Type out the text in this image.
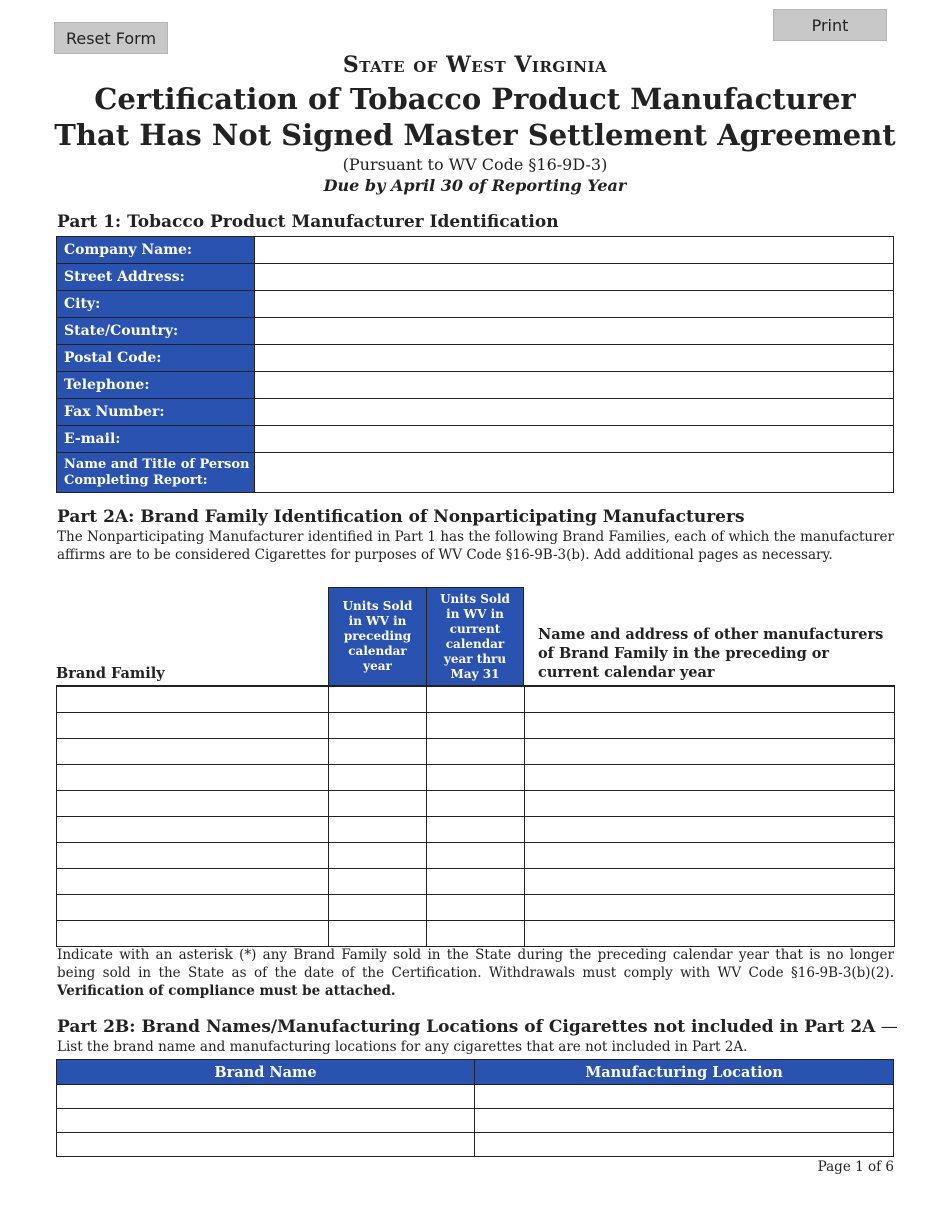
Reset Form
Print
State of West Virginia
Certification of Tobacco Product Manufacturer
That Has Not Signed Master Settlement Agreement
(Pursuant to WV Code §16-9D-3)
Due by April 30 of Reporting Year
Part 1: Tobacco Product Manufacturer Identification
Company Name:
Street Address:
City:
State/Country:
Postal Code:
Telephone:
Fax Number:
E-mail:
Name and Title of Person Completing Report:
Part 2A: Brand Family Identification of Nonparticipating Manufacturers
The Nonparticipating Manufacturer identified in Part 1 has the following Brand Families, each of which the manufacturer affirms are to be considered Cigarettes for purposes of WV Code §16-9B-3(b). Add additional pages as necessary.
Brand Family
Units Sold in WV in preceding calendar year
Units Sold in WV in current calendar year thru May 31
Name and address of other manufacturers of Brand Family in the preceding or current calendar year
Indicate with an asterisk (*) any Brand Family sold in the State during the preceding calendar year that is no longer being sold in the State as of the date of the Certification. Withdrawals must comply with WV Code §16-9B-3(b)(2). Verification of compliance must be attached.
Part 2B: Brand Names/Manufacturing Locations of Cigarettes not included in Part 2A —
List the brand name and manufacturing locations for any cigarettes that are not included in Part 2A.
Brand Name	Manufacturing Location
Page 1 of 6
